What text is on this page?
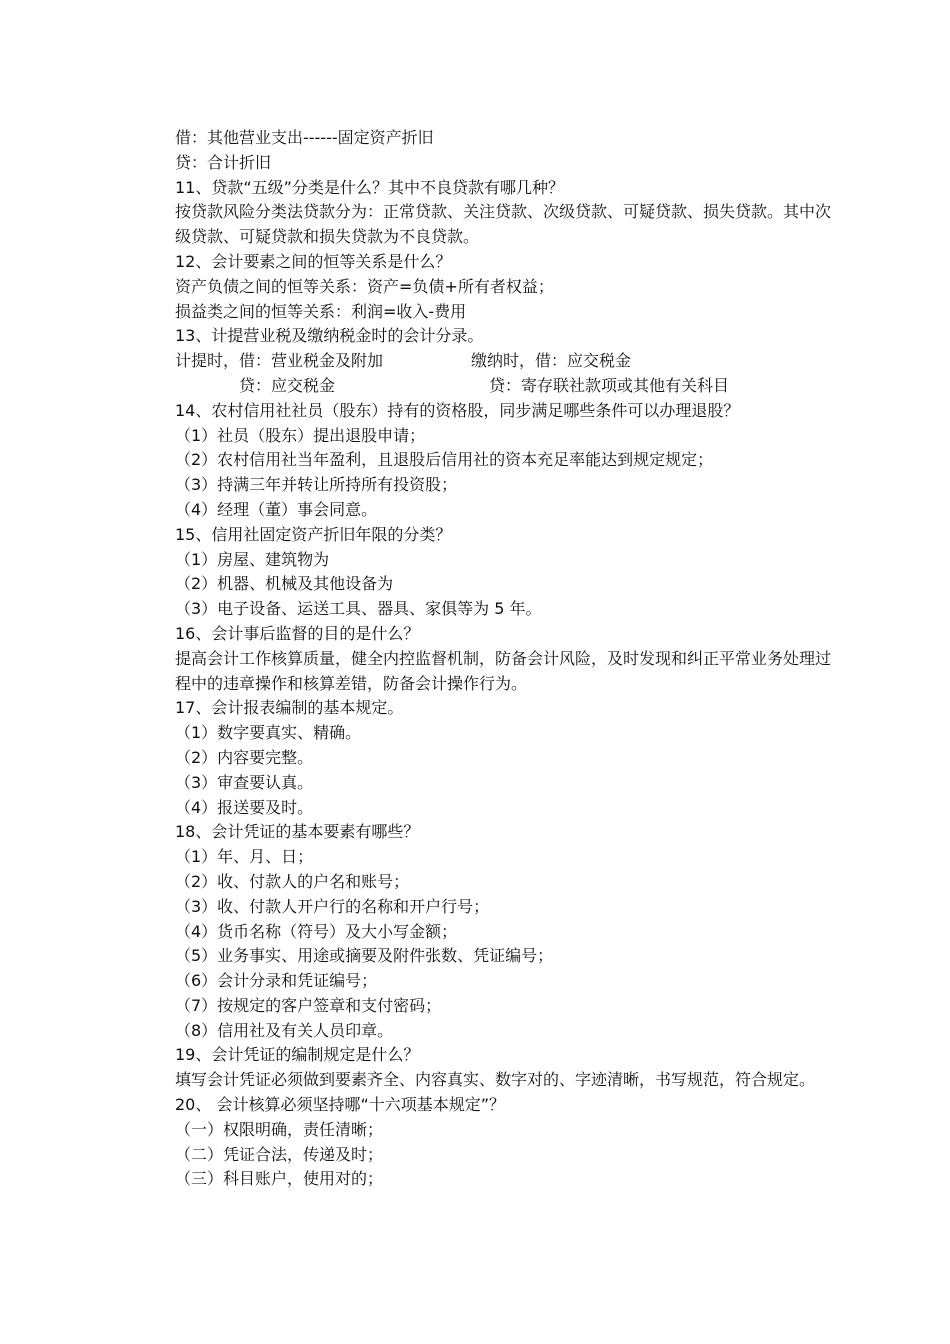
借：其他营业支出------固定资产折旧
贷：合计折旧
11、贷款“五级”分类是什么？其中不良贷款有哪几种？
按贷款风险分类法贷款分为：正常贷款、关注贷款、次级贷款、可疑贷款、损失贷款。其中次级贷款、可疑贷款和损失贷款为不良贷款。
12、会计要素之间的恒等关系是什么？
资产负债之间的恒等关系：资产=负债+所有者权益；
损益类之间的恒等关系：利润=收入-费用
13、计提营业税及缴纳税金时的会计分录。
计提时，借：营业税金及附加	缴纳时，借：应交税金
贷：应交税金	贷：寄存联社款项或其他有关科目
14、农村信用社社员（股东）持有的资格股，同步满足哪些条件可以办理退股？
（1）社员（股东）提出退股申请；
（2）农村信用社当年盈利，且退股后信用社的资本充足率能达到规定规定；
（3）持满三年并转让所持所有投资股；
（4）经理（董）事会同意。
15、信用社固定资产折旧年限的分类？
（1）房屋、建筑物为
（2）机器、机械及其他设备为
（3）电子设备、运送工具、器具、家俱等为 5 年。
16、会计事后监督的目的是什么？
提高会计工作核算质量，健全内控监督机制，防备会计风险，及时发现和纠正平常业务处理过程中的违章操作和核算差错，防备会计操作行为。
17、会计报表编制的基本规定。
（1）数字要真实、精确。
（2）内容要完整。
（3）审查要认真。
（4）报送要及时。
18、会计凭证的基本要素有哪些？
（1）年、月、日；
（2）收、付款人的户名和账号；
（3）收、付款人开户行的名称和开户行号；
（4）货币名称（符号）及大小写金额；
（5）业务事实、用途或摘要及附件张数、凭证编号；
（6）会计分录和凭证编号；
（7）按规定的客户签章和支付密码；
（8）信用社及有关人员印章。
19、会计凭证的编制规定是什么？
填写会计凭证必须做到要素齐全、内容真实、数字对的、字迹清晰，书写规范，符合规定。
20、 会计核算必须坚持哪“十六项基本规定”？
（一）权限明确，责任清晰；
（二）凭证合法，传递及时；
（三）科目账户，使用对的；
